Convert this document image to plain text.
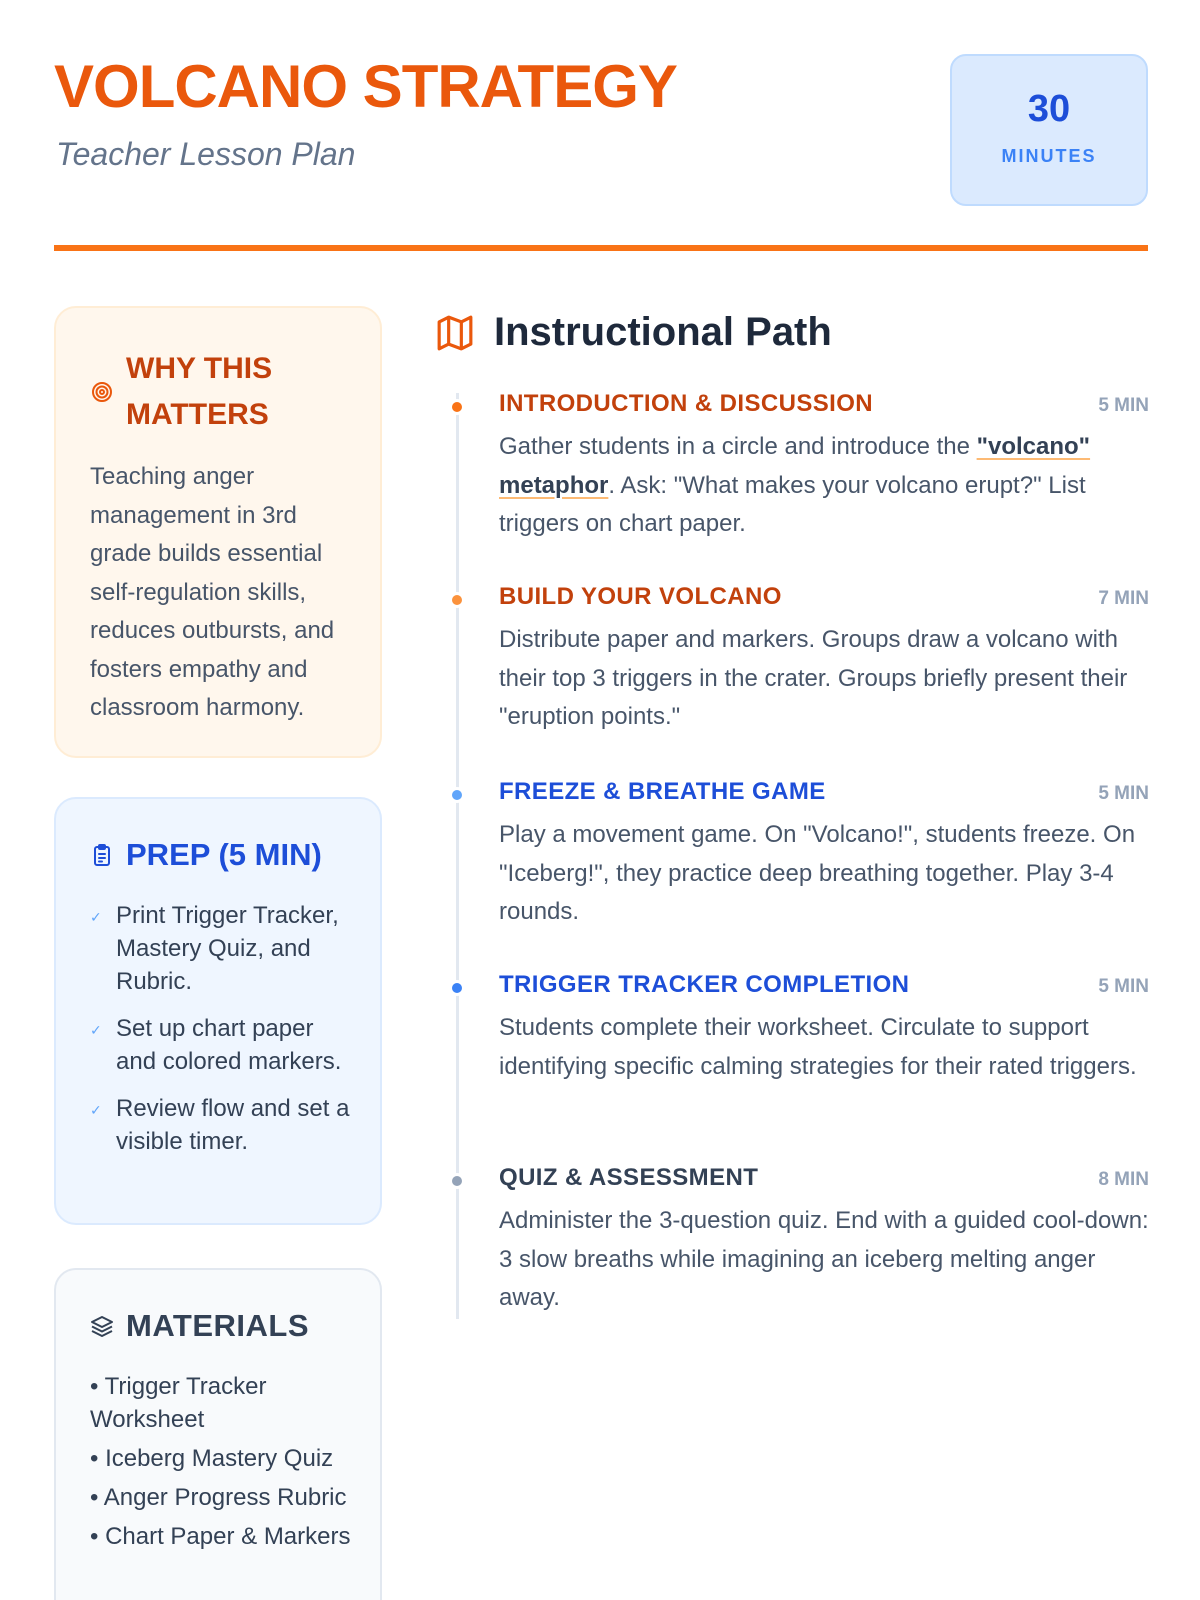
VOLCANO STRATEGY
Teacher Lesson Plan
30
MINUTES
WHY THIS MATTERS
Teaching anger management in 3rd grade builds essential self-regulation skills, reduces outbursts, and fosters empathy and classroom harmony.
PREP (5 MIN)
✓ Print Trigger Tracker, Mastery Quiz, and Rubric.
✓ Set up chart paper and colored markers.
✓ Review flow and set a visible timer.
MATERIALS
• Trigger Tracker Worksheet
• Iceberg Mastery Quiz
• Anger Progress Rubric
• Chart Paper & Markers
Instructional Path
INTRODUCTION & DISCUSSION	5 MIN
Gather students in a circle and introduce the "volcano" metaphor. Ask: "What makes your volcano erupt?" List triggers on chart paper.
BUILD YOUR VOLCANO	7 MIN
Distribute paper and markers. Groups draw a volcano with their top 3 triggers in the crater. Groups briefly present their "eruption points."
FREEZE & BREATHE GAME	5 MIN
Play a movement game. On "Volcano!", students freeze. On "Iceberg!", they practice deep breathing together. Play 3-4 rounds.
TRIGGER TRACKER COMPLETION	5 MIN
Students complete their worksheet. Circulate to support identifying specific calming strategies for their rated triggers.
QUIZ & ASSESSMENT	8 MIN
Administer the 3-question quiz. End with a guided cool-down: 3 slow breaths while imagining an iceberg melting anger away.
